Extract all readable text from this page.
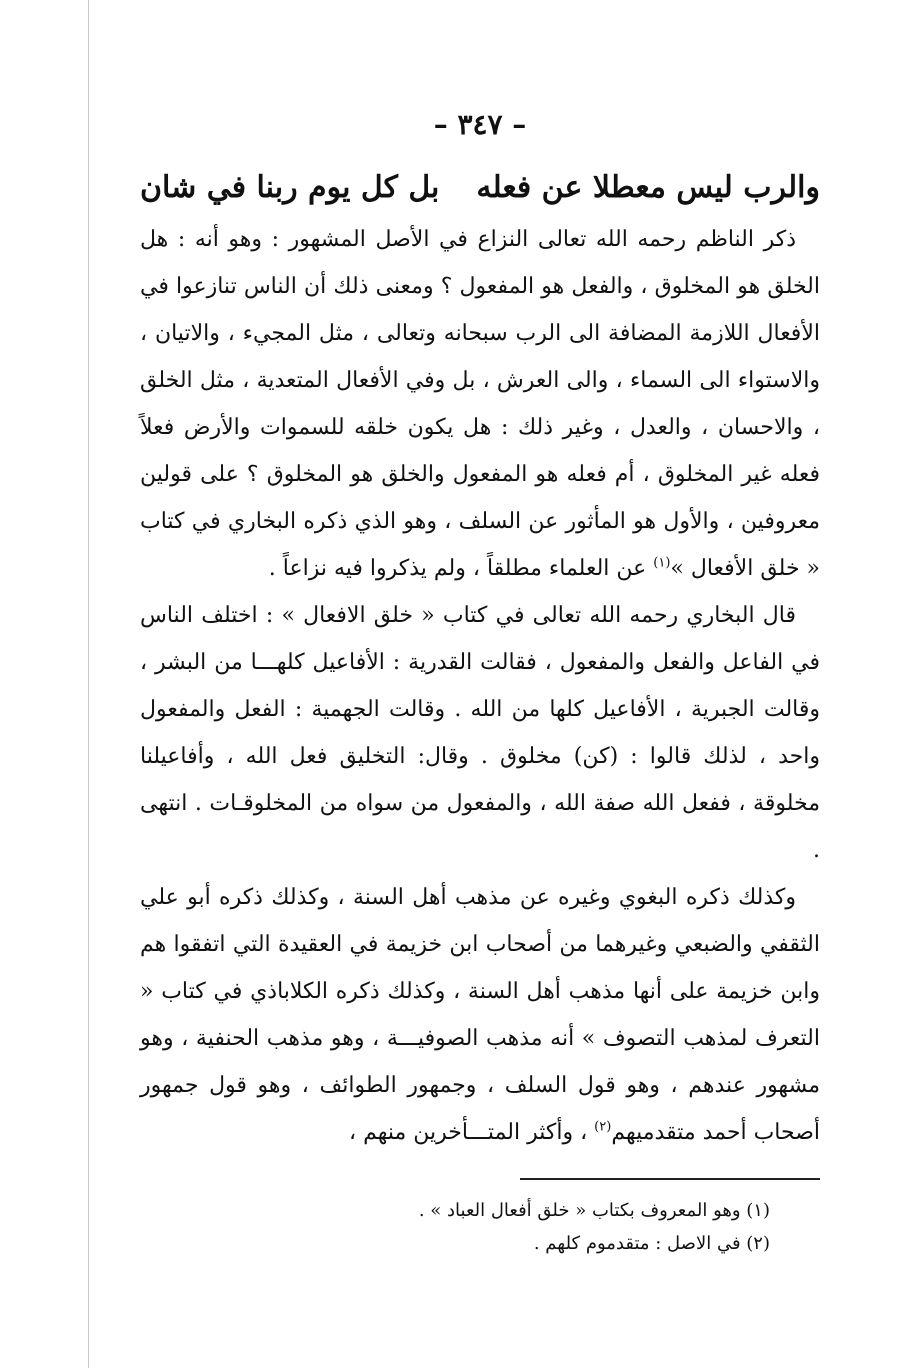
– ٣٤٧ –
والرب ليس معطلا عن فعله
بل كل يوم ربنا في شان

ذكر الناظم رحمه الله تعالى النزاع في الأصل المشهور : وهو أنه : هل الخلق هو المخلوق ، والفعل هو المفعول ؟ ومعنى ذلك أن الناس تنازعوا في الأفعال اللازمة المضافة الى الرب سبحانه وتعالى ، مثل المجيء ، والاتيان ، والاستواء الى السماء ، والى العرش ، بل وفي الأفعال المتعدية ، مثل الخلق ، والاحسان ، والعدل ، وغير ذلك : هل يكون خلقه للسموات والأرض فعلاً فعله غير المخلوق ، أم فعله هو المفعول والخلق هو المخلوق ؟ على قولين معروفين ، والأول هو المأثور عن السلف ، وهو الذي ذكره البخاري في كتاب « خلق الأفعال »$^{(١)}$ عن العلماء مطلقاً ، ولم يذكروا فيه نزاعاً .

قال البخاري رحمه الله تعالى في كتاب « خلق الافعال » : اختلف الناس في الفاعل والفعل والمفعول ، فقالت القدرية : الأفاعيل كلهـــا من البشر ، وقالت الجبرية ، الأفاعيل كلها من الله . وقالت الجهمية : الفعل والمفعول واحد ، لذلك قالوا : (كن) مخلوق . وقال: التخليق فعل الله ، وأفاعيلنا مخلوقة ، ففعل الله صفة الله ، والمفعول من سواه من المخلوقـات . انتهى .

وكذلك ذكره البغوي وغيره عن مذهب أهل السنة ، وكذلك ذكره أبو علي الثقفي والضبعي وغيرهما من أصحاب ابن خزيمة في العقيدة التي اتفقوا هم وابن خزيمة على أنها مذهب أهل السنة ، وكذلك ذكره الكلاباذي في كتاب « التعرف لمذهب التصوف » أنه مذهب الصوفيـــة ، وهو مذهب الحنفية ، وهو مشهور عندهم ، وهو قول السلف ، وجمهور الطوائف ، وهو قول جمهور أصحاب أحمد متقدميهم$^{(٢)}$ ، وأكثر المتـــأخرين منهم ،

(١) وهو المعروف بكتاب « خلق أفعال العباد » .

(٢) في الاصل : متقدموم كلهم .
